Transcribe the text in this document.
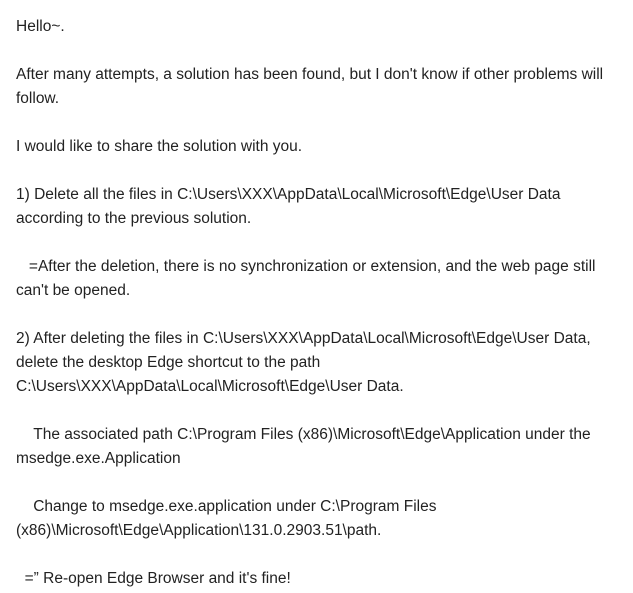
Hello~.

After many attempts, a solution has been found, but I don't know if other problems will follow.

I would like to share the solution with you.

1) Delete all the files in C:\Users\XXX\AppData\Local\Microsoft\Edge\User Data according to the previous solution.

=After the deletion, there is no synchronization or extension, and the web page still can't be opened.

2) After deleting the files in C:\Users\XXX\AppData\Local\Microsoft\Edge\User Data, delete the desktop Edge shortcut to the path C:\Users\XXX\AppData\Local\Microsoft\Edge\User Data.

The associated path C:\Program Files (x86)\Microsoft\Edge\Application under the msedge.exe.Application

Change to msedge.exe.application under C:\Program Files (x86)\Microsoft\Edge\Application\131.0.2903.51\path.

=” Re-open Edge Browser and it's fine!
